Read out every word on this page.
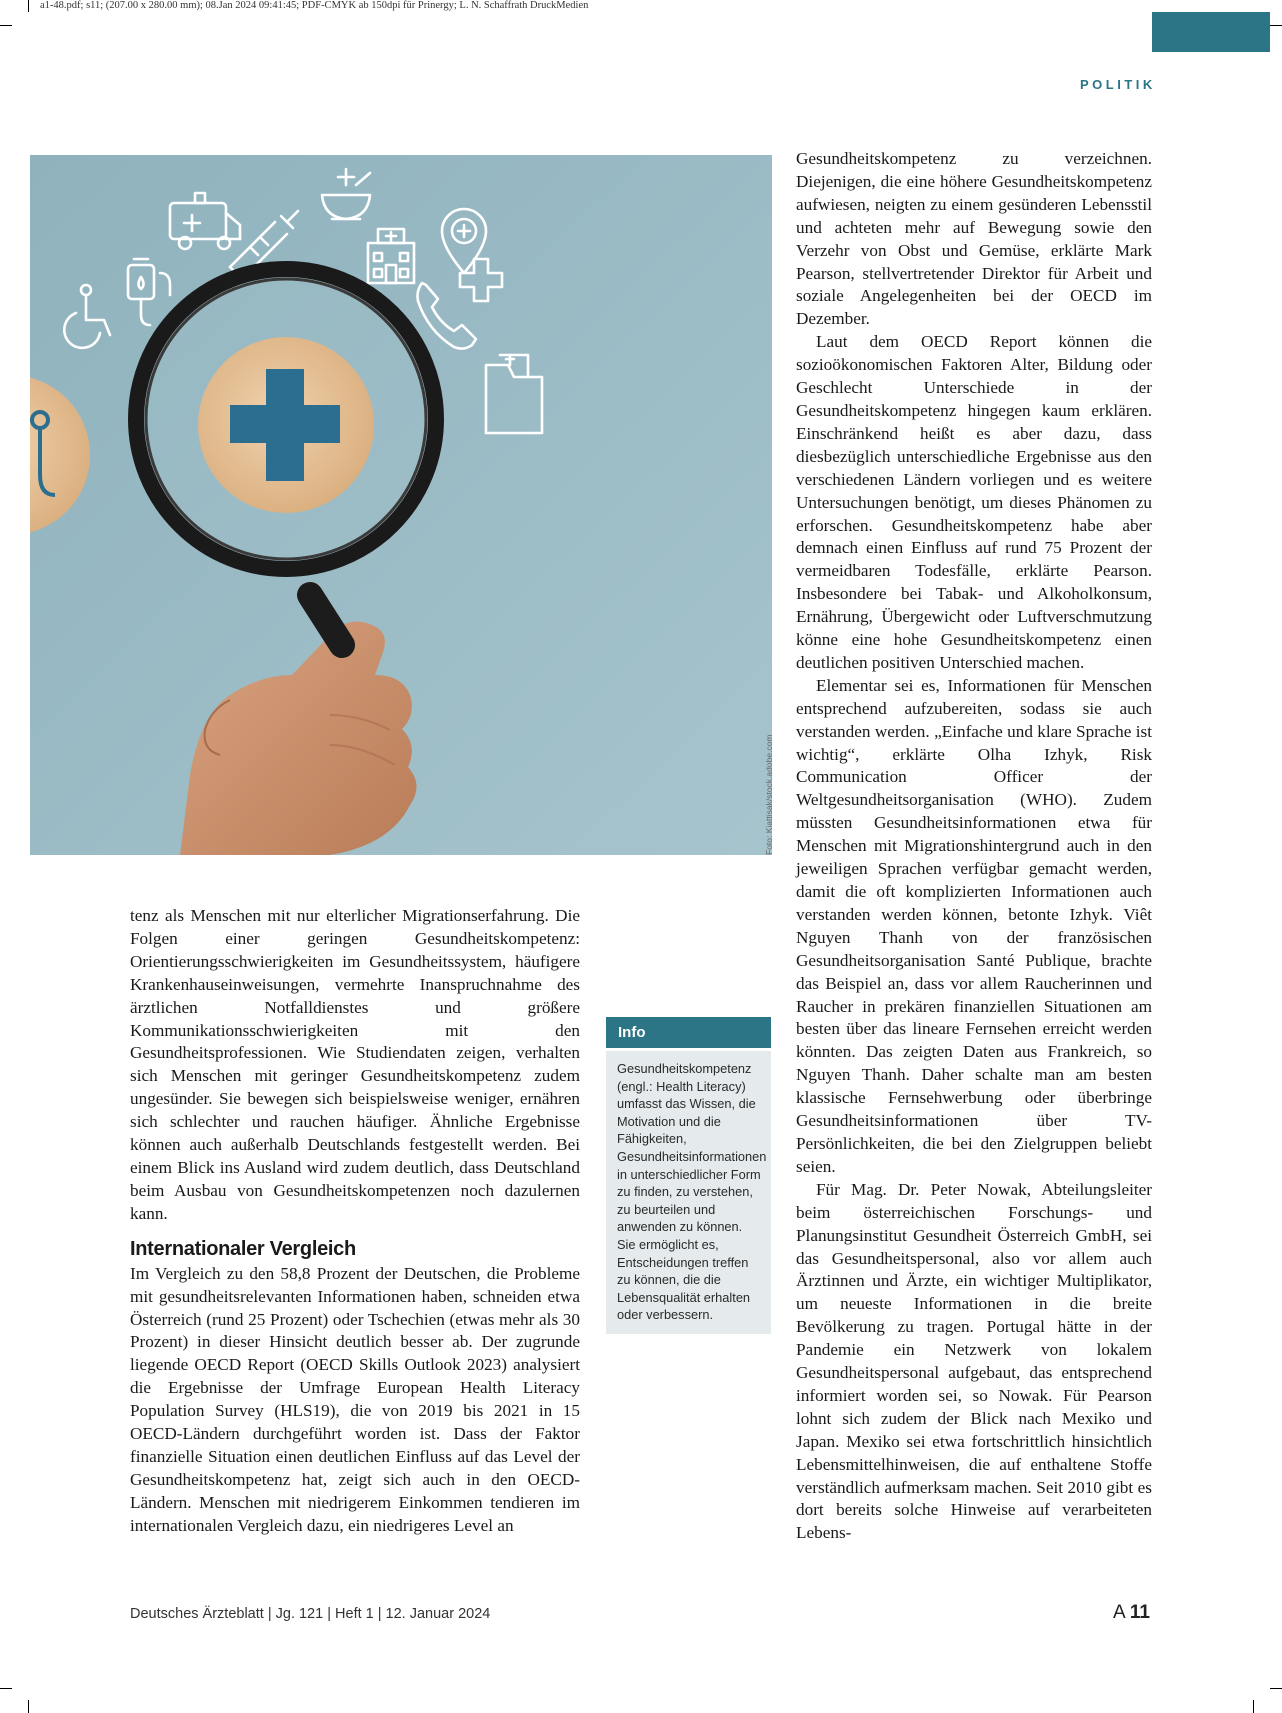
a1-48.pdf; s11; (207.00 x 280.00 mm); 08.Jan 2024 09:41:45; PDF-CMYK ab 150dpi für Prinergy; L. N. Schaffrath DruckMedien
POLITIK
Foto: Kiattisak/stock.adobe.com

tenz als Menschen mit nur elterlicher Migrationserfahrung. Die Folgen einer geringen Gesundheitskompetenz: Orientierungsschwierigkeiten im Gesundheitssystem, häufigere Krankenhauseinweisungen, vermehrte Inanspruchnahme des ärztlichen Notfalldienstes und größere Kommunikationsschwierigkeiten mit den Gesundheitsprofessionen. Wie Studiendaten zeigen, verhalten sich Menschen mit geringer Gesundheitskompetenz zudem ungesünder. Sie bewegen sich beispielsweise weniger, ernähren sich schlechter und rauchen häufiger. Ähnliche Ergebnisse können auch außerhalb Deutschlands festgestellt werden. Bei einem Blick ins Ausland wird zudem deutlich, dass Deutschland beim Ausbau von Gesundheitskompetenzen noch dazulernen kann.

Internationaler Vergleich

Im Vergleich zu den 58,8 Prozent der Deutschen, die Probleme mit gesundheitsrelevanten Informationen haben, schneiden etwa Österreich (rund 25 Prozent) oder Tschechien (etwas mehr als 30 Prozent) in dieser Hinsicht deutlich besser ab. Der zugrunde liegende OECD Report (OECD Skills Outlook 2023) analysiert die Ergebnisse der Umfrage European Health Literacy Population Survey (HLS19), die von 2019 bis 2021 in 15 OECD-Ländern durchgeführt worden ist. Dass der Faktor finanzielle Situation einen deutlichen Einfluss auf das Level der Gesundheitskompetenz hat, zeigt sich auch in den OECD-Ländern. Menschen mit niedrigerem Einkommen tendieren im internationalen Vergleich dazu, ein niedrigeres Level an

Info
Gesundheitskompetenz (engl.: Health Literacy) umfasst das Wissen, die Motivation und die Fähigkeiten, Gesundheitsinformationen in unterschiedlicher Form zu finden, zu verstehen, zu beurteilen und anwenden zu können. Sie ermöglicht es, Entscheidungen treffen zu können, die die Lebensqualität erhalten oder verbessern.

Gesundheitskompetenz zu verzeichnen. Diejenigen, die eine höhere Gesundheitskompetenz aufwiesen, neigten zu einem gesünderen Lebensstil und achteten mehr auf Bewegung sowie den Verzehr von Obst und Gemüse, erklärte Mark Pearson, stellvertretender Direktor für Arbeit und soziale Angelegenheiten bei der OECD im Dezember.

Laut dem OECD Report können die sozioökonomischen Faktoren Alter, Bildung oder Geschlecht Unterschiede in der Gesundheitskompetenz hingegen kaum erklären. Einschränkend heißt es aber dazu, dass diesbezüglich unterschiedliche Ergebnisse aus den verschiedenen Ländern vorliegen und es weitere Untersuchungen benötigt, um dieses Phänomen zu erforschen. Gesundheitskompetenz habe aber demnach einen Einfluss auf rund 75 Prozent der vermeidbaren Todesfälle, erklärte Pearson. Insbesondere bei Tabak- und Alkoholkonsum, Ernährung, Übergewicht oder Luftverschmutzung könne eine hohe Gesundheitskompetenz einen deutlichen positiven Unterschied machen.

Elementar sei es, Informationen für Menschen entsprechend aufzubereiten, sodass sie auch verstanden werden. „Einfache und klare Sprache ist wichtig“, erklärte Olha Izhyk, Risk Communication Officer der Weltgesundheitsorganisation (WHO). Zudem müssten Gesundheitsinformationen etwa für Menschen mit Migrationshintergrund auch in den jeweiligen Sprachen verfügbar gemacht werden, damit die oft komplizierten Informationen auch verstanden werden können, betonte Izhyk. Viêt Nguyen Thanh von der französischen Gesundheitsorganisation Santé Publique, brachte das Beispiel an, dass vor allem Raucherinnen und Raucher in prekären finanziellen Situationen am besten über das lineare Fernsehen erreicht werden könnten. Das zeigten Daten aus Frankreich, so Nguyen Thanh. Daher schalte man am besten klassische Fernsehwerbung oder überbringe Gesundheitsinformationen über TV-Persönlichkeiten, die bei den Zielgruppen beliebt seien.

Für Mag. Dr. Peter Nowak, Abteilungsleiter beim österreichischen Forschungs- und Planungsinstitut Gesundheit Österreich GmbH, sei das Gesundheitspersonal, also vor allem auch Ärztinnen und Ärzte, ein wichtiger Multiplikator, um neueste Informationen in die breite Bevölkerung zu tragen. Portugal hätte in der Pandemie ein Netzwerk von lokalem Gesundheitspersonal aufgebaut, das entsprechend informiert worden sei, so Nowak. Für Pearson lohnt sich zudem der Blick nach Mexiko und Japan. Mexiko sei etwa fortschrittlich hinsichtlich Lebensmittelhinweisen, die auf enthaltene Stoffe verständlich aufmerksam machen. Seit 2010 gibt es dort bereits solche Hinweise auf verarbeiteten Lebens-

Deutsches Ärzteblatt | Jg. 121 | Heft 1 | 12. Januar 2024	A 11
